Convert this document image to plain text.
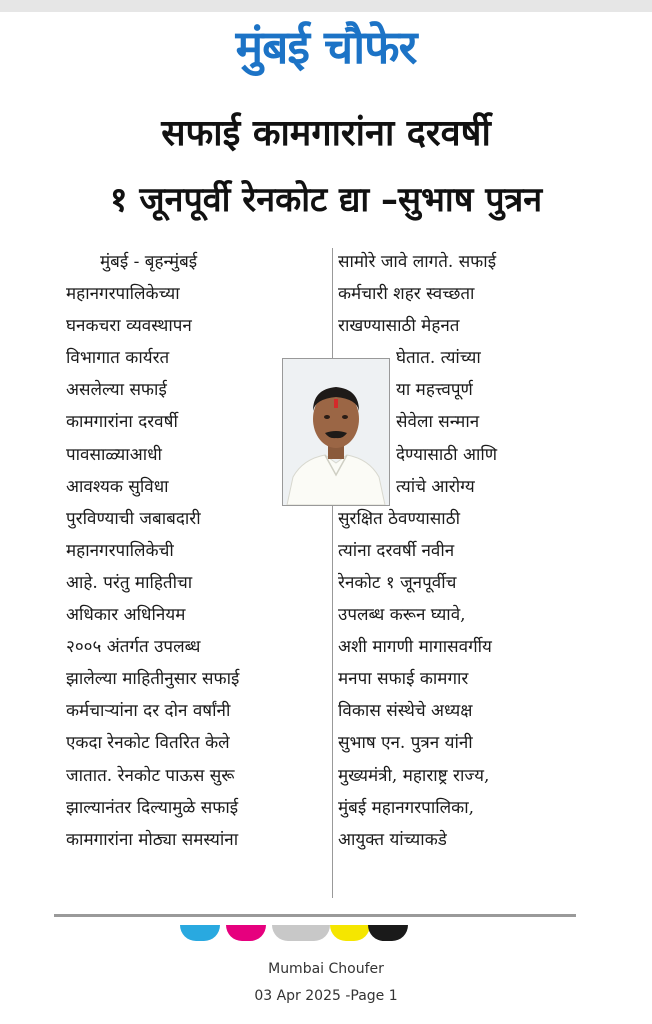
मुंबई चौफेर
सफाई कामगारांना दरवर्षी
१ जूनपूर्वी रेनकोट द्या –सुभाष पुत्रन
मुंबई - बृहन्मुंबई
महानगरपालिकेच्या
घनकचरा व्यवस्थापन
विभागात कार्यरत
असलेल्या सफाई
कामगारांना दरवर्षी
पावसाळ्याआधी
आवश्यक सुविधा
पुरविण्याची जबाबदारी
महानगरपालिकेची
आहे. परंतु माहितीचा
अधिकार अधिनियम
२००५ अंतर्गत उपलब्ध
झालेल्या माहितीनुसार सफाई
कर्मचाऱ्यांना दर दोन वर्षांनी
एकदा रेनकोट वितरित केले
जातात. रेनकोट पाऊस सुरू
झाल्यानंतर दिल्यामुळे सफाई
कामगारांना मोठ्या समस्यांना
सामोरे जावे लागते. सफाई
कर्मचारी शहर स्वच्छता
राखण्यासाठी मेहनत
घेतात. त्यांच्या
या महत्त्वपूर्ण
सेवेला सन्मान
देण्यासाठी आणि
त्यांचे आरोग्य
सुरक्षित ठेवण्यासाठी
त्यांना दरवर्षी नवीन
रेनकोट १ जूनपूर्वीच
उपलब्ध करून घ्यावे,
अशी मागणी मागासवर्गीय
मनपा सफाई कामगार
विकास संस्थेचे अध्यक्ष
सुभाष एन. पुत्रन यांनी
मुख्यमंत्री, महाराष्ट्र राज्य,
मुंबई महानगरपालिका,
आयुक्त यांच्याकडे
Mumbai Choufer
03 Apr 2025 -Page 1
